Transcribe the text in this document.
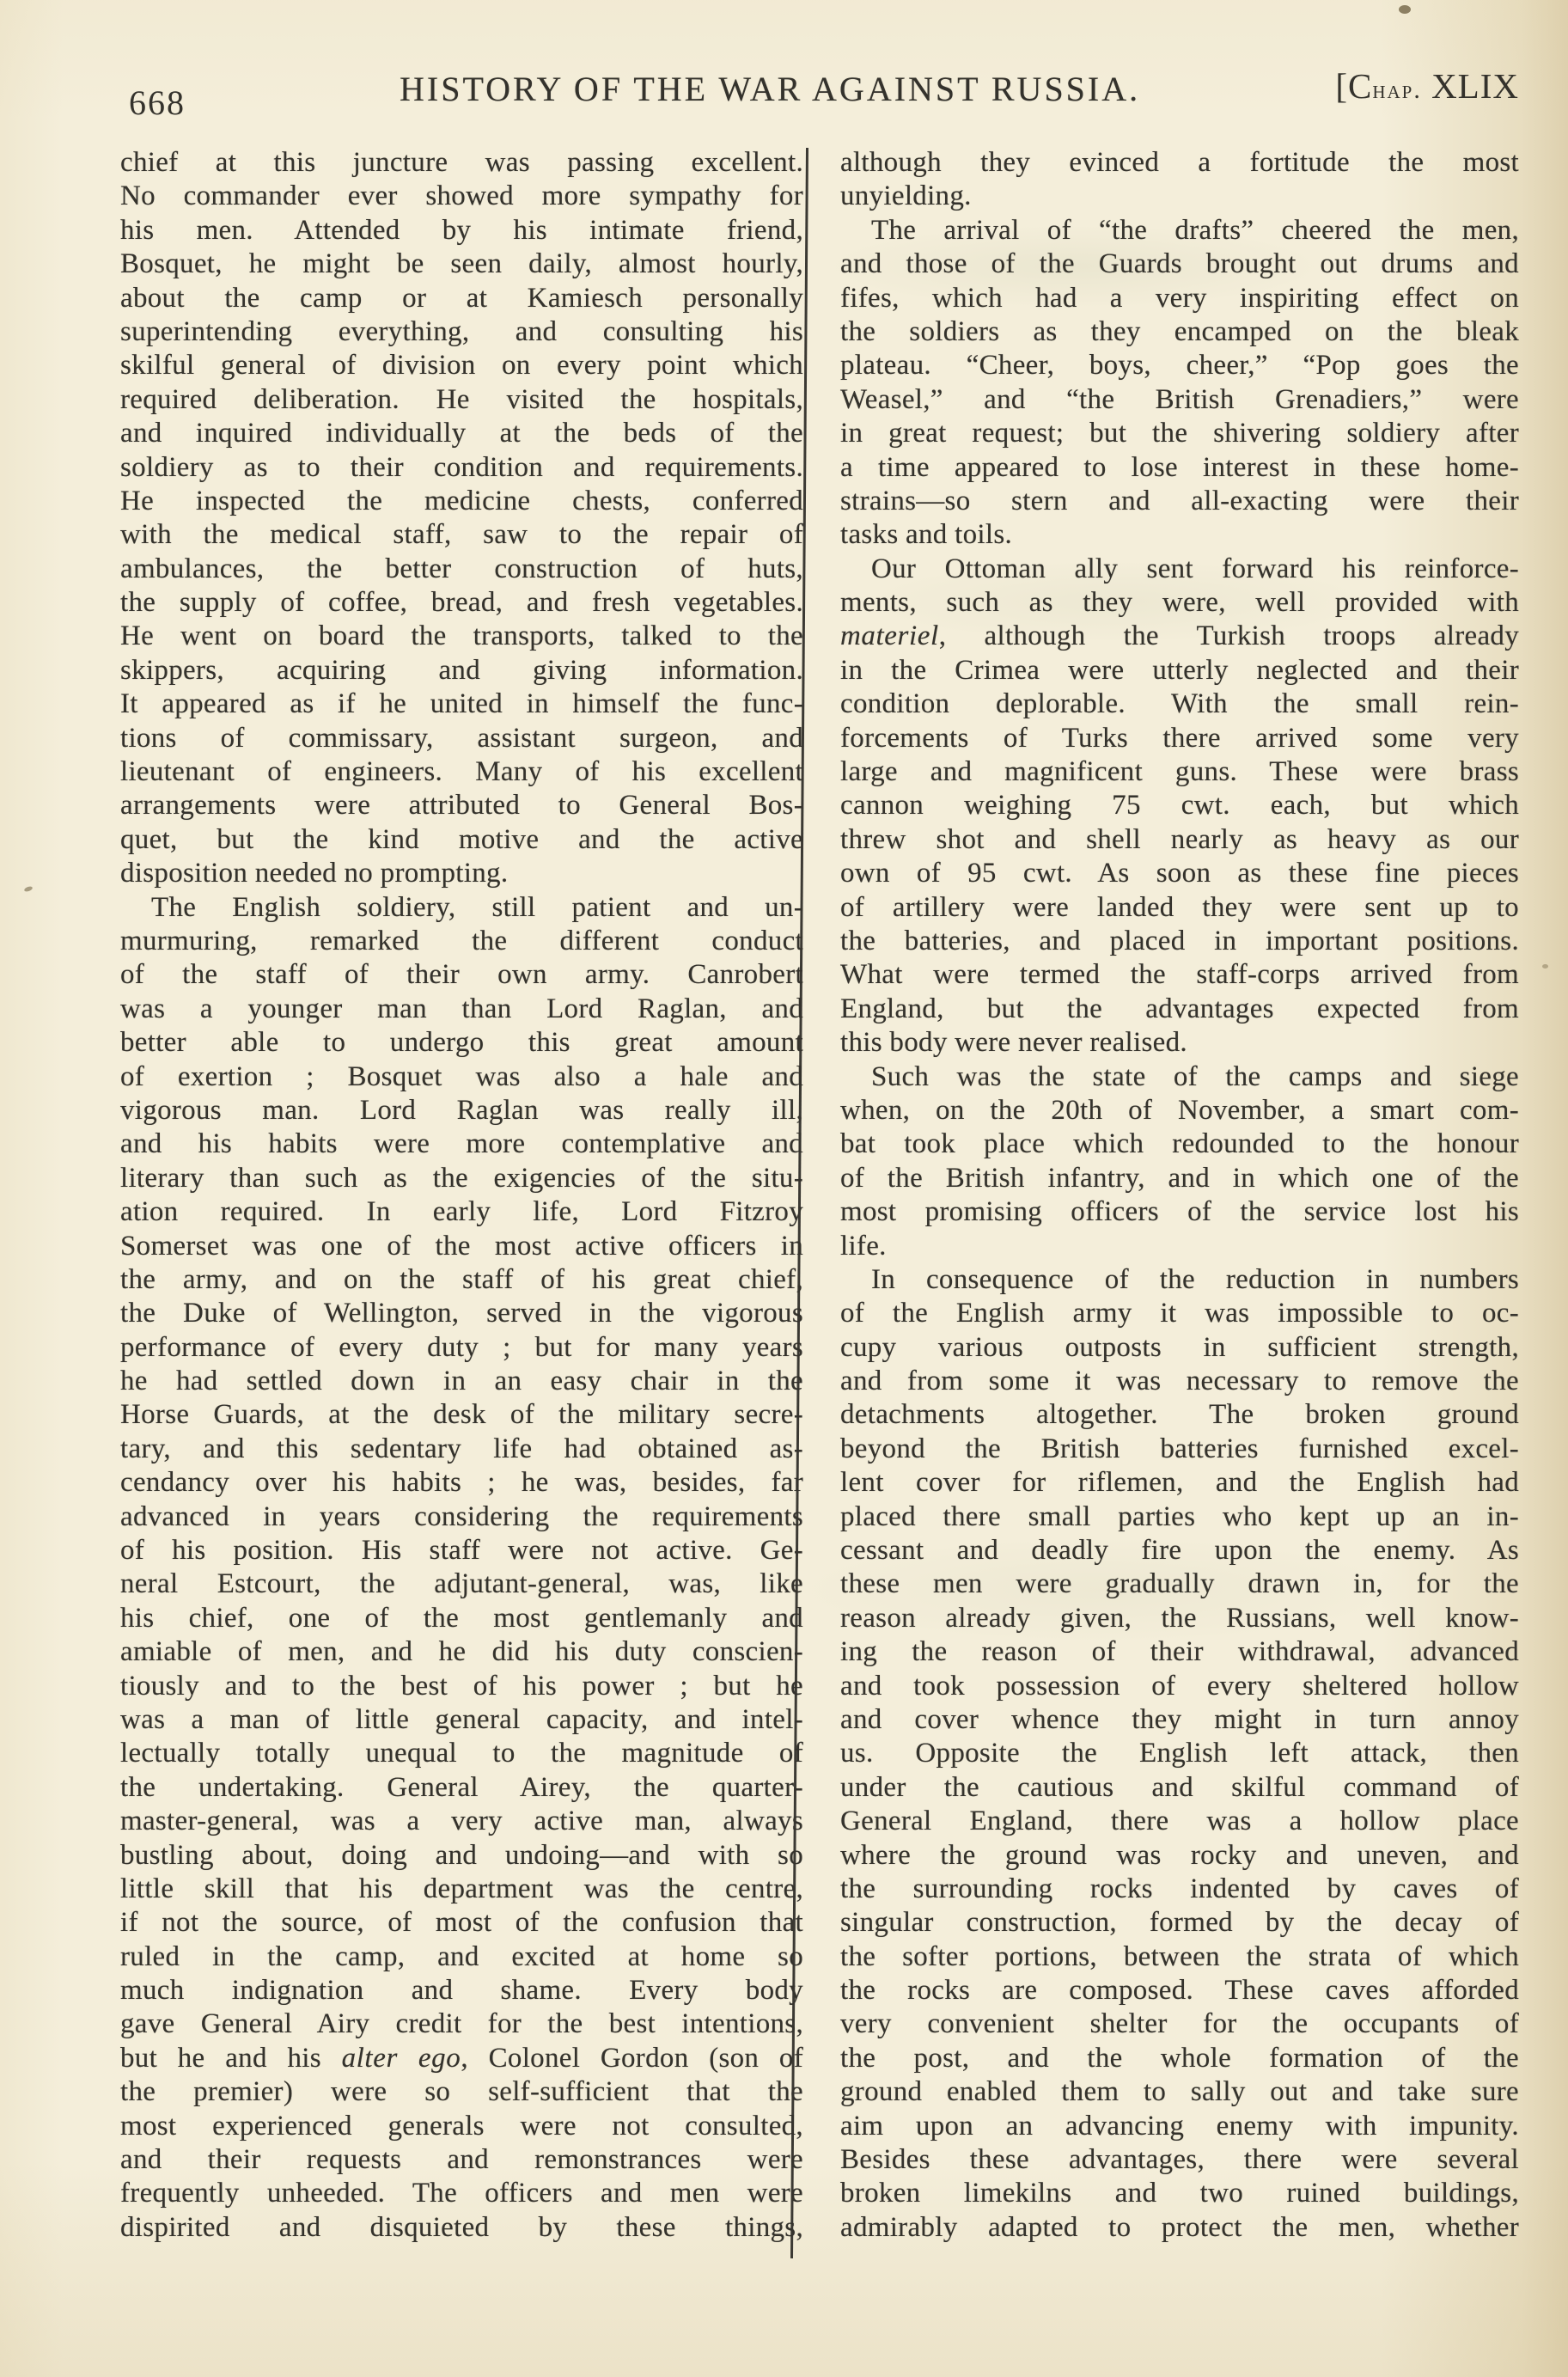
668	HISTORY OF THE WAR AGAINST RUSSIA.	[Chap. XLIX
chief at this juncture was passing excellent.
No commander ever showed more sympathy for
his men. Attended by his intimate friend,
Bosquet, he might be seen daily, almost hourly,
about the camp or at Kamiesch personally
superintending everything, and consulting his
skilful general of division on every point which
required deliberation. He visited the hospitals,
and inquired individually at the beds of the
soldiery as to their condition and requirements.
He inspected the medicine chests, conferred
with the medical staff, saw to the repair of
ambulances, the better construction of huts,
the supply of coffee, bread, and fresh vegetables.
He went on board the transports, talked to the
skippers, acquiring and giving information.
It appeared as if he united in himself the func-
tions of commissary, assistant surgeon, and
lieutenant of engineers. Many of his excellent
arrangements were attributed to General Bos-
quet, but the kind motive and the active
disposition needed no prompting.
The English soldiery, still patient and un-
murmuring, remarked the different conduct
of the staff of their own army. Canrobert
was a younger man than Lord Raglan, and
better able to undergo this great amount
of exertion ; Bosquet was also a hale and
vigorous man. Lord Raglan was really ill,
and his habits were more contemplative and
literary than such as the exigencies of the situ-
ation required. In early life, Lord Fitzroy
Somerset was one of the most active officers in
the army, and on the staff of his great chief,
the Duke of Wellington, served in the vigorous
performance of every duty ; but for many years
he had settled down in an easy chair in the
Horse Guards, at the desk of the military secre-
tary, and this sedentary life had obtained as-
cendancy over his habits ; he was, besides, far
advanced in years considering the requirements
of his position. His staff were not active. Ge-
neral Estcourt, the adjutant-general, was, like
his chief, one of the most gentlemanly and
amiable of men, and he did his duty conscien-
tiously and to the best of his power ; but he
was a man of little general capacity, and intel-
lectually totally unequal to the magnitude of
the undertaking. General Airey, the quarter-
master-general, was a very active man, always
bustling about, doing and undoing—and with so
little skill that his department was the centre,
if not the source, of most of the confusion that
ruled in the camp, and excited at home so
much indignation and shame. Every body
gave General Airy credit for the best intentions,
but he and his alter ego, Colonel Gordon (son of
the premier) were so self-sufficient that the
most experienced generals were not consulted,
and their requests and remonstrances were
frequently unheeded. The officers and men were
dispirited and disquieted by these things,
although they evinced a fortitude the most
unyielding.
The arrival of “the drafts” cheered the men,
and those of the Guards brought out drums and
fifes, which had a very inspiriting effect on
the soldiers as they encamped on the bleak
plateau. “Cheer, boys, cheer,” “Pop goes the
Weasel,” and “the British Grenadiers,” were
in great request; but the shivering soldiery after
a time appeared to lose interest in these home-
strains—so stern and all-exacting were their
tasks and toils.
Our Ottoman ally sent forward his reinforce-
ments, such as they were, well provided with
materiel, although the Turkish troops already
in the Crimea were utterly neglected and their
condition deplorable. With the small rein-
forcements of Turks there arrived some very
large and magnificent guns. These were brass
cannon weighing 75 cwt. each, but which
threw shot and shell nearly as heavy as our
own of 95 cwt. As soon as these fine pieces
of artillery were landed they were sent up to
the batteries, and placed in important positions.
What were termed the staff-corps arrived from
England, but the advantages expected from
this body were never realised.
Such was the state of the camps and siege
when, on the 20th of November, a smart com-
bat took place which redounded to the honour
of the British infantry, and in which one of the
most promising officers of the service lost his
life.
In consequence of the reduction in numbers
of the English army it was impossible to oc-
cupy various outposts in sufficient strength,
and from some it was necessary to remove the
detachments altogether. The broken ground
beyond the British batteries furnished excel-
lent cover for riflemen, and the English had
placed there small parties who kept up an in-
cessant and deadly fire upon the enemy. As
these men were gradually drawn in, for the
reason already given, the Russians, well know-
ing the reason of their withdrawal, advanced
and took possession of every sheltered hollow
and cover whence they might in turn annoy
us. Opposite the English left attack, then
under the cautious and skilful command of
General England, there was a hollow place
where the ground was rocky and uneven, and
the surrounding rocks indented by caves of
singular construction, formed by the decay of
the softer portions, between the strata of which
the rocks are composed. These caves afforded
very convenient shelter for the occupants of
the post, and the whole formation of the
ground enabled them to sally out and take sure
aim upon an advancing enemy with impunity.
Besides these advantages, there were several
broken limekilns and two ruined buildings,
admirably adapted to protect the men, whether
